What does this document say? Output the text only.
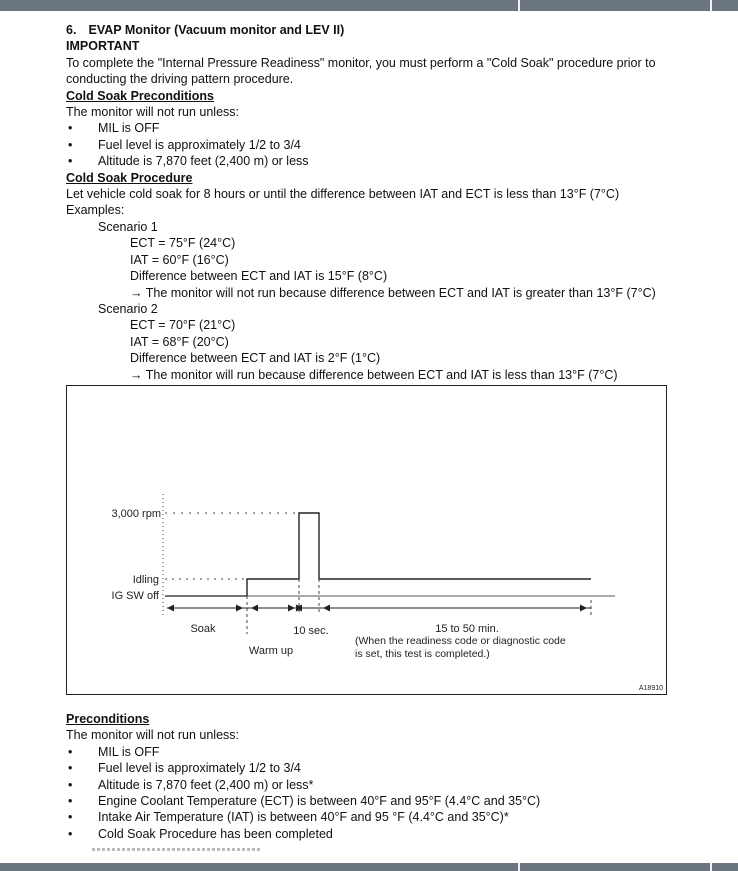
6. EVAP Monitor (Vacuum monitor and LEV II)
IMPORTANT
To complete the "Internal Pressure Readiness" monitor, you must perform a "Cold Soak" procedure prior to
conducting the driving pattern procedure.
Cold Soak Preconditions
The monitor will not run unless:
• MIL is OFF
• Fuel level is approximately 1/2 to 3/4
• Altitude is 7,870 feet (2,400 m) or less
Cold Soak Procedure
Let vehicle cold soak for 8 hours or until the difference between IAT and ECT is less than 13°F (7°C)
Examples:
Scenario 1
ECT = 75°F (24°C)
IAT = 60°F (16°C)
Difference between ECT and IAT is 15°F (8°C)
→ The monitor will not run because difference between ECT and IAT is greater than 13°F (7°C)
Scenario 2
ECT = 70°F (21°C)
IAT = 68°F (20°C)
Difference between ECT and IAT is 2°F (1°C)
→ The monitor will run because difference between ECT and IAT is less than 13°F (7°C)
3,000 rpm
Idling
IG SW off
Soak
Warm up
10 sec.	15 to 50 min.
(When the readiness code or diagnostic code
is set, this test is completed.)
A18910
Preconditions
The monitor will not run unless:
• MIL is OFF
• Fuel level is approximately 1/2 to 3/4
• Altitude is 7,870 feet (2,400 m) or less*
• Engine Coolant Temperature (ECT) is between 40°F and 95°F (4.4°C and 35°C)
• Intake Air Temperature (IAT) is between 40°F and 95 °F (4.4°C and 35°C)*
• Cold Soak Procedure has been completed
